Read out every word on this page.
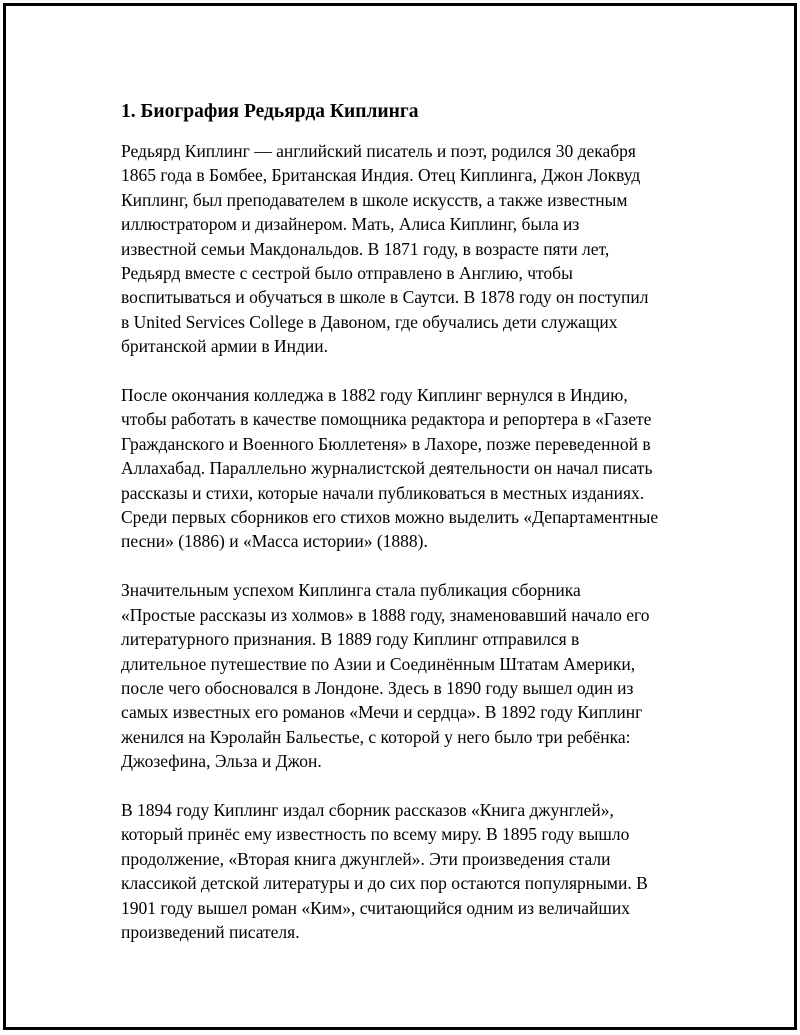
1. Биография Редьярда Киплинга

Редьярд Киплинг — английский писатель и поэт, родился 30 декабря
1865 года в Бомбее, Британская Индия. Отец Киплинга, Джон Локвуд
Киплинг, был преподавателем в школе искусств, а также известным
иллюстратором и дизайнером. Мать, Алиса Киплинг, была из
известной семьи Макдональдов. В 1871 году, в возрасте пяти лет,
Редьярд вместе с сестрой было отправлено в Англию, чтобы
воспитываться и обучаться в школе в Саутси. В 1878 году он поступил
в United Services College в Давоном, где обучались дети служащих
британской армии в Индии.

После окончания колледжа в 1882 году Киплинг вернулся в Индию,
чтобы работать в качестве помощника редактора и репортера в «Газете
Гражданского и Военного Бюллетеня» в Лахоре, позже переведенной в
Аллахабад. Параллельно журналистской деятельности он начал писать
рассказы и стихи, которые начали публиковаться в местных изданиях.
Среди первых сборников его стихов можно выделить «Департаментные
песни» (1886) и «Масса истории» (1888).

Значительным успехом Киплинга стала публикация сборника
«Простые рассказы из холмов» в 1888 году, знаменовавший начало его
литературного признания. В 1889 году Киплинг отправился в
длительное путешествие по Азии и Соединённым Штатам Америки,
после чего обосновался в Лондоне. Здесь в 1890 году вышел один из
самых известных его романов «Мечи и сердца». В 1892 году Киплинг
женился на Кэролайн Бальестье, с которой у него было три ребёнка:
Джозефина, Эльза и Джон.

В 1894 году Киплинг издал сборник рассказов «Книга джунглей»,
который принёс ему известность по всему миру. В 1895 году вышло
продолжение, «Вторая книга джунглей». Эти произведения стали
классикой детской литературы и до сих пор остаются популярными. В
1901 году вышел роман «Ким», считающийся одним из величайших
произведений писателя.
